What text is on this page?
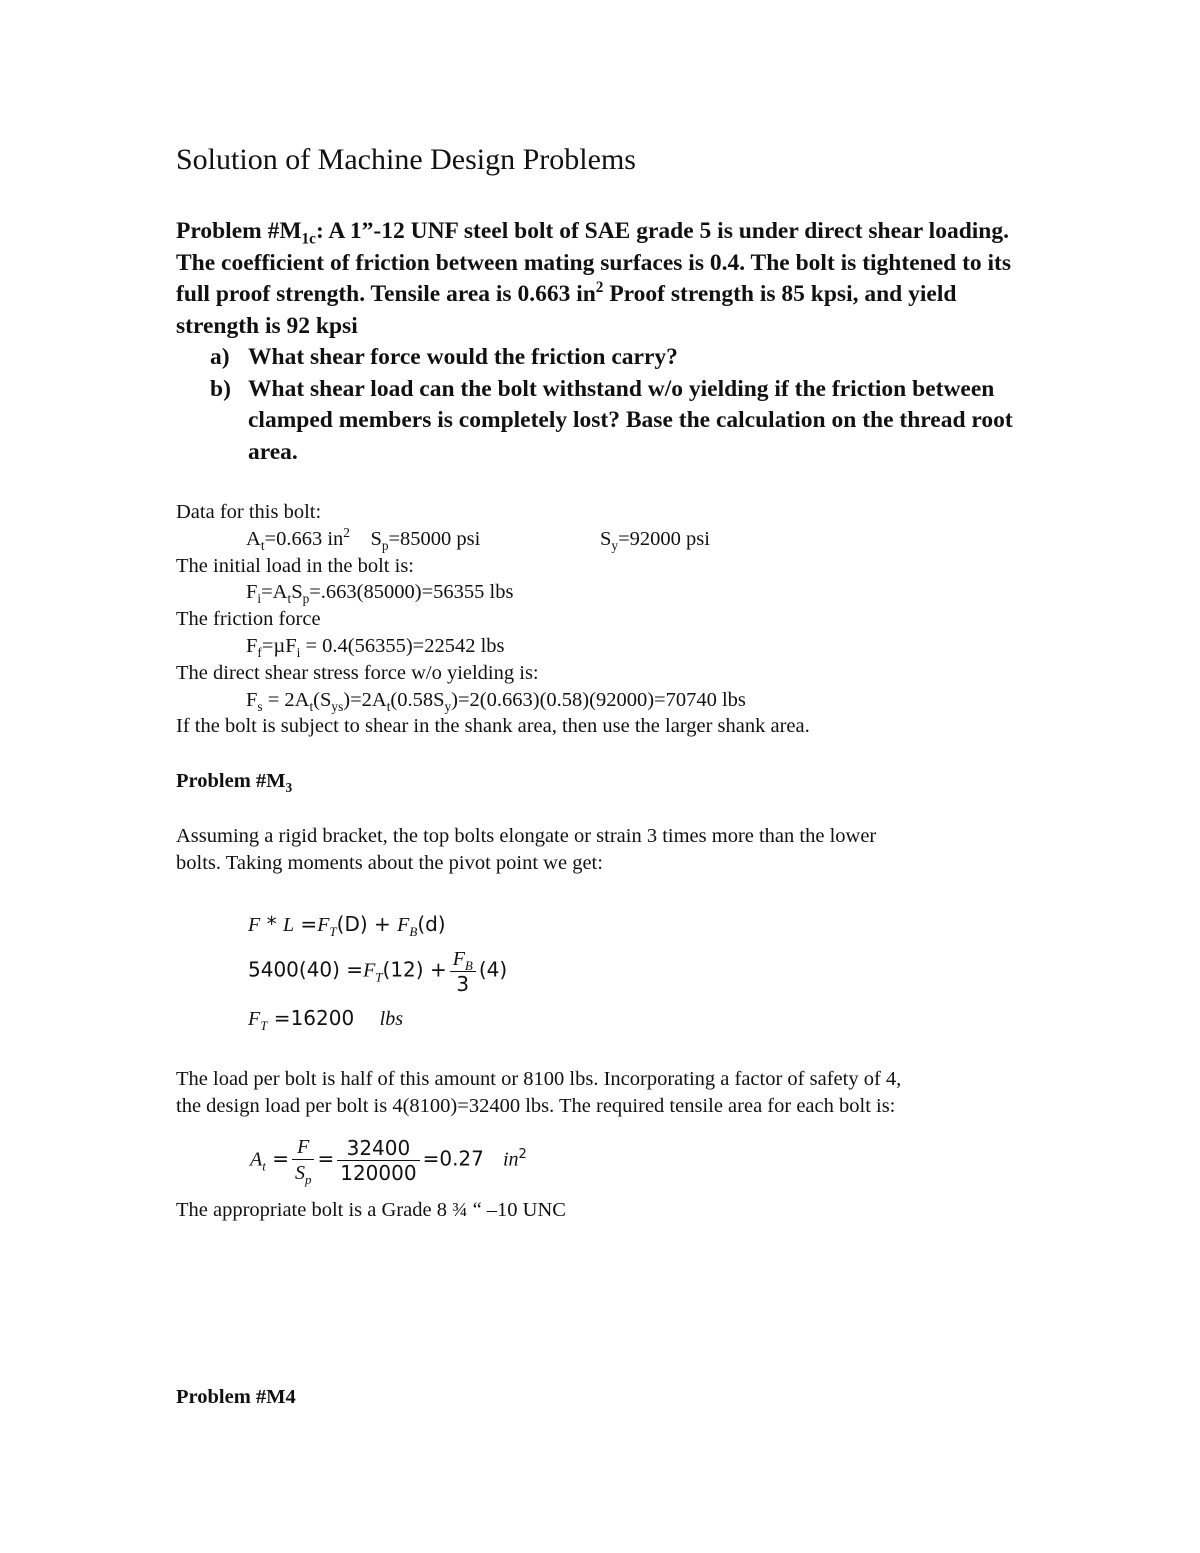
Solution of Machine Design Problems

Problem $\#M_{1c}$: A 1”-12 UNF steel bolt of SAE grade 5 is under direct shear loading. The coefficient of friction between mating surfaces is 0.4. The bolt is tightened to its full proof strength. Tensile area is 0.663 $in^2$ Proof strength is 85 kpsi, and yield strength is 92 kpsi

a) What shear force would the friction carry?
b) What shear load can the bolt withstand w/o yielding if the friction between clamped members is completely lost? Base the calculation on the thread root area.
Data for this bolt:
$A_t=0.663$ $in^2$ $S_p=85000$ psi	$S_y=92000$ psi
The initial load in the bolt is:
$F_i=A_tS_p=.663(85000)=56355$ lbs
The friction force
$F_f=\mu F_i = 0.4(56355)=22542$ lbs
The direct shear stress force w/o yielding is:
$F_s = 2A_t(S_{ys})=2A_t(0.58S_y)=2(0.663)(0.58)(92000)=70740$ lbs
If the bolt is subject to shear in the shank area, then use the larger shank area.
Problem $\#M_3$
Assuming a rigid bracket, the top bolts elongate or strain 3 times more than the lower
bolts. Taking moments about the pivot point we get:
$F * L =F_T(D) + F_B(d)$
$5400(40) =F_T(12) + \frac{F_B}{3} (4)$
$F_T =16200$ lbs
The load per bolt is half of this amount or 8100 lbs. Incorporating a factor of safety of 4,
the design load per bolt is 4(8100)=32400 lbs. The required tensile area for each bolt is:
$A_t = \frac{F}{S_p} = \frac{32400}{120000} =0.27$ $in^2$
The appropriate bolt is a Grade 8 ¾ “ –10 UNC
Problem #M4
